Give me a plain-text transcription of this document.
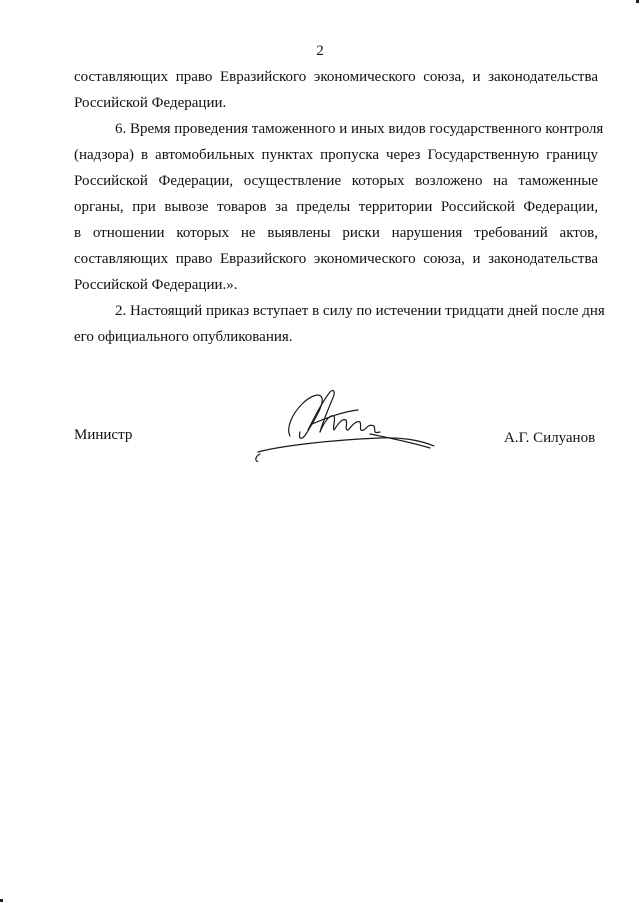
2
составляющих право Евразийского экономического союза, и законодательства
Российской Федерации.
6. Время проведения таможенного и иных видов государственного контроля
(надзора) в автомобильных пунктах пропуска через Государственную границу
Российской Федерации, осуществление которых возложено на таможенные
органы, при вывозе товаров за пределы территории Российской Федерации,
в отношении которых не выявлены риски нарушения требований актов,
составляющих право Евразийского экономического союза, и законодательства
Российской Федерации.».
2. Настоящий приказ вступает в силу по истечении тридцати дней после дня
его официального опубликования.
Министр	А.Г. Силуанов
